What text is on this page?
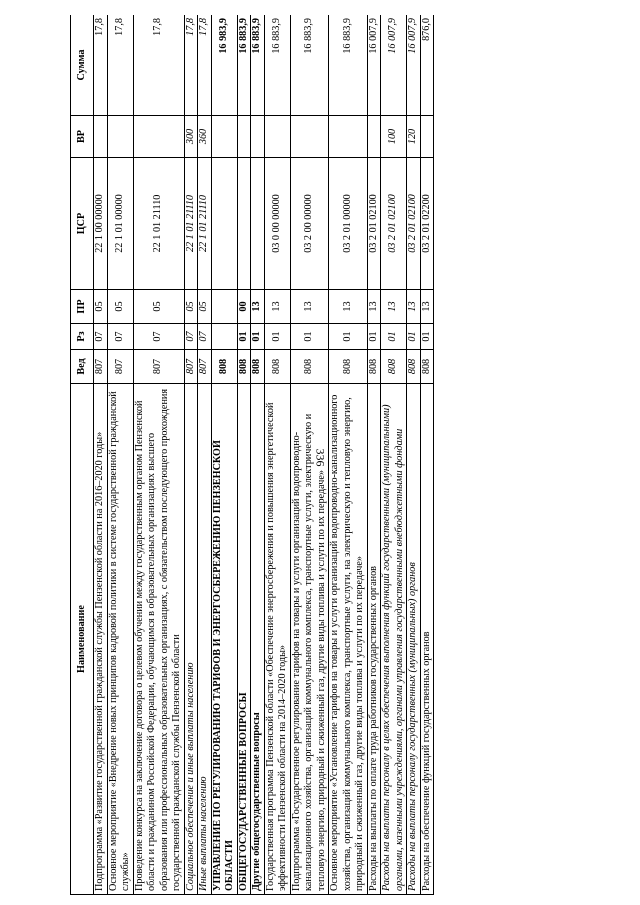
336
Наименование	Вед	Рз	ПР	ЦСР	ВР	Сумма
Подпрограмма «Развитие государственной гражданской службы Пензенской области на 2016–2020 годы»	807	07	05	22 1 00 00000		17,8
Основное мероприятие «Внедрение новых принципов кадровой политики в системе государственной гражданской службы»	807	07	05	22 1 01 00000		17,8
Проведение конкурса на заключение договора о целевом обучении между государственным органом Пензенской области и гражданином Российской Федерации, обучающимся в образовательных организациях высшего образования или профессиональных образовательных организациях, с обязательством последующего прохождения государственной гражданской службы Пензенской области	807	07	05	22 1 01 21110		17,8
Социальное обеспечение и иные выплаты населению	807	07	05	22 1 01 21110	300	17,8
Иные выплаты населению	807	07	05	22 1 01 21110	360	17,8
УПРАВЛЕНИЕ ПО РЕГУЛИРОВАНИЮ ТАРИФОВ И ЭНЕРГОСБЕРЕЖЕНИЮ ПЕНЗЕНСКОЙ ОБЛАСТИ	808					16 983,9
ОБЩЕГОСУДАРСТВЕННЫЕ ВОПРОСЫ	808	01	00			16 883,9
Другие общегосударственные вопросы	808	01	13			16 883,9
Государственная программа Пензенской области «Обеспечение энергосбережения и повышения энергетической эффективности Пензенской области на 2014–2020 годы»	808	01	13	03 0 00 00000		16 883,9
Подпрограмма «Государственное регулирование тарифов на товары и услуги организаций водопроводно-канализационного хозяйства, организаций коммунального комплекса, транспортные услуги, электрическую и тепловую энергию, природный и сжиженный газ, другие виды топлива и услуги по их передаче»	808	01	13	03 2 00 00000		16 883,9
Основное мероприятие «Установление тарифов на товары и услуги организаций водопроводно-канализационного хозяйства, организаций коммунального комплекса, транспортные услуги, на электрическую и тепловую энергию, природный и сжиженный газ, другие виды топлива и услуги по их передаче»	808	01	13	03 2 01 00000		16 883,9
Расходы на выплаты по оплате труда работников государственных органов	808	01	13	03 2 01 02100		16 007,9
Расходы на выплаты персоналу в целях обеспечения выполнения функций государственными (муниципальными) органами, казенными учреждениями, органами управления государственными внебюджетными фондами	808	01	13	03 2 01 02100	100	16 007,9
Расходы на выплаты персоналу государственных (муниципальных) органов	808	01	13	03 2 01 02100	120	16 007,9
Расходы на обеспечение функций государственных органов	808	01	13	03 2 01 02200		876,0
